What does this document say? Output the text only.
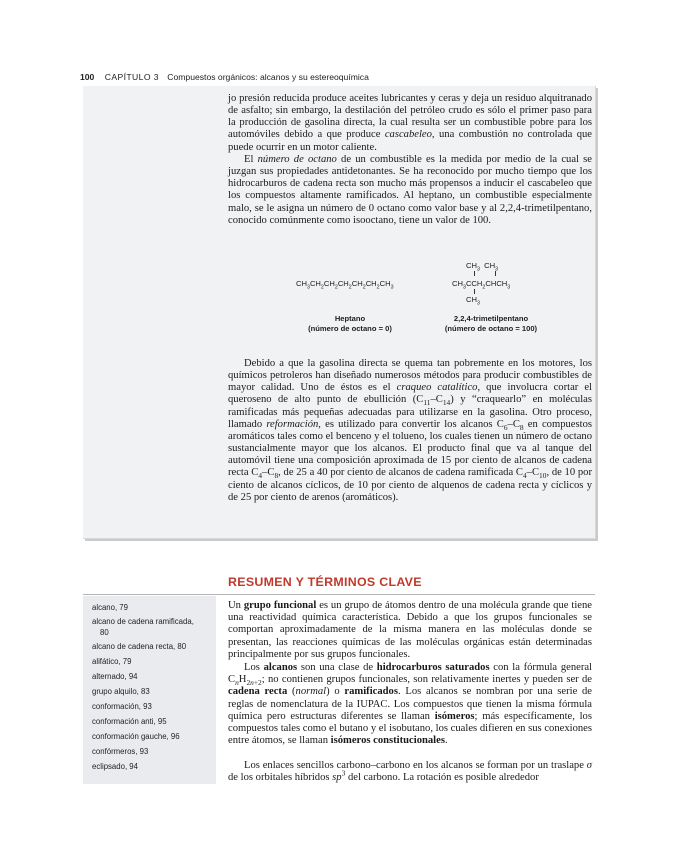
100 CAPÍTULO 3 Compuestos orgánicos: alcanos y su estereoquímica

jo presión reducida produce aceites lubricantes y ceras y deja un residuo alquitranado de asfalto; sin embargo, la destilación del petróleo crudo es sólo el primer paso para la producción de gasolina directa, la cual resulta ser un combustible pobre para los automóviles debido a que produce cascabeleo, una combustión no controlada que puede ocurrir en un motor caliente.

El número de octano de un combustible es la medida por medio de la cual se juzgan sus propiedades antidetonantes. Se ha reconocido por mucho tiempo que los hidrocarburos de cadena recta son mucho más propensos a inducir el cascabeleo que los compuestos altamente ramificados. Al heptano, un combustible especialmente malo, se le asigna un número de 0 octano como valor base y al 2,2,4-trimetilpentano, conocido comúnmente como isooctano, tiene un valor de 100.

$CH_3CH_2CH_2CH_2CH_2CH_2CH_3$
Heptano
(número de octano = 0)
$CH_3$  $CH_3$
$CH_3CCH_2CHCH_3$
$CH_3$
2,2,4-trimetilpentano
(número de octano = 100)

Debido a que la gasolina directa se quema tan pobremente en los motores, los químicos petroleros han diseñado numerosos métodos para producir combustibles de mayor calidad. Uno de éstos es el craqueo catalítico, que involucra cortar el queroseno de alto punto de ebullición $(C_{11}-C_{14})$ y “craquearlo” en moléculas ramificadas más pequeñas adecuadas para utilizarse en la gasolina. Otro proceso, llamado reformación, es utilizado para convertir los alcanos $C_6-C_8$ en compuestos aromáticos tales como el benceno y el tolueno, los cuales tienen un número de octano sustancialmente mayor que los alcanos. El producto final que va al tanque del automóvil tiene una composición aproximada de 15 por ciento de alcanos de cadena recta $C_4-C_8$, de 25 a 40 por ciento de alcanos de cadena ramificada $C_4-C_{10}$, de 10 por ciento de alcanos cíclicos, de 10 por ciento de alquenos de cadena recta y cíclicos y de 25 por ciento de arenos (aromáticos).

RESUMEN Y TÉRMINOS CLAVE
alcano, 79
alcano de cadena ramificada,
80
alcano de cadena recta, 80
alifático, 79
alternado, 94
grupo alquilo, 83
conformación, 93
conformación anti, 95
conformación gauche, 96
confórmeros, 93
eclipsado, 94

Un grupo funcional es un grupo de átomos dentro de una molécula grande que tiene una reactividad química característica. Debido a que los grupos funcionales se comportan aproximadamente de la misma manera en las moléculas donde se presentan, las reacciones químicas de las moléculas orgánicas están determinadas principalmente por sus grupos funcionales.

Los alcanos son una clase de hidrocarburos saturados con la fórmula general $C_nH_{2n+2}$; no contienen grupos funcionales, son relativamente inertes y pueden ser de cadena recta (normal) o ramificados. Los alcanos se nombran por una serie de reglas de nomenclatura de la IUPAC. Los compuestos que tienen la misma fórmula química pero estructuras diferentes se llaman isómeros; más específicamente, los compuestos tales como el butano y el isobutano, los cuales difieren en sus conexiones entre átomos, se llaman isómeros constitucionales.

Los enlaces sencillos carbono–carbono en los alcanos se forman por un traslape σ de los orbitales híbridos $sp^3$ del carbono. La rotación es posible alrededor
